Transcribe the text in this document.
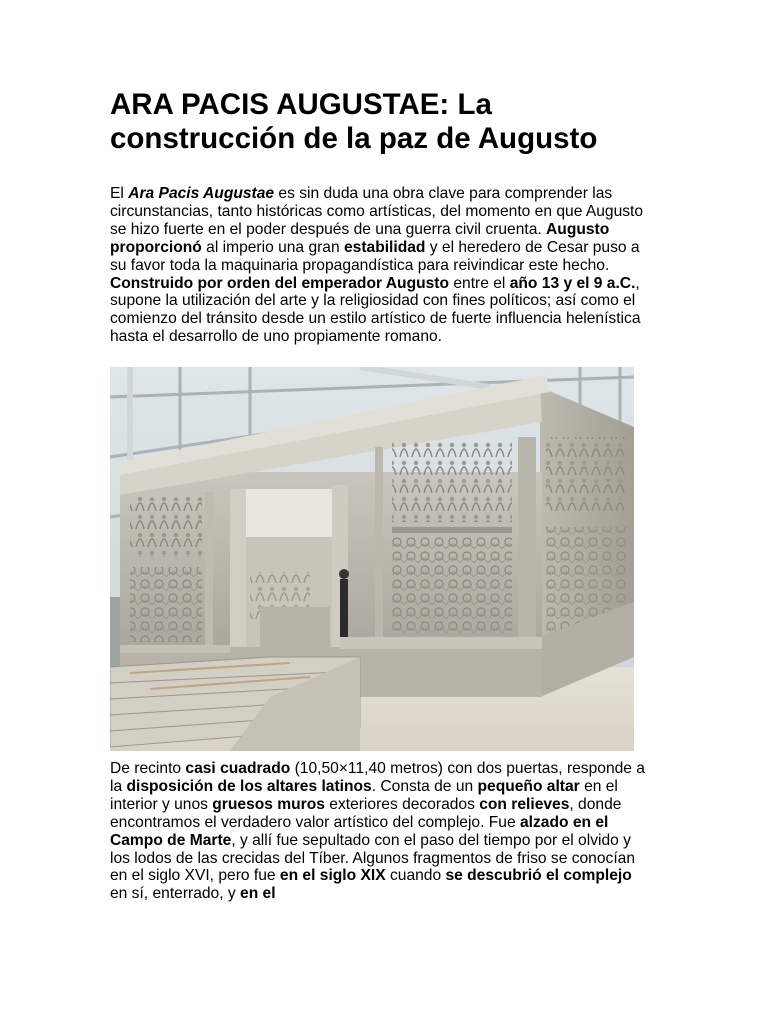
ARA PACIS AUGUSTAE: La construcción de la paz de Augusto

El Ara Pacis Augustae es sin duda una obra clave para comprender las circunstancias, tanto históricas como artísticas, del momento en que Augusto se hizo fuerte en el poder después de una guerra civil cruenta. Augusto proporcionó al imperio una gran estabilidad y el heredero de Cesar puso a su favor toda la maquinaria propagandística para reivindicar este hecho. Construido por orden del emperador Augusto entre el año 13 y el 9 a.C., supone la utilización del arte y la religiosidad con fines políticos; así como el comienzo del tránsito desde un estilo artístico de fuerte influencia helenística hasta el desarrollo de uno propiamente romano.

De recinto casi cuadrado (10,50×11,40 metros) con dos puertas, responde a la disposición de los altares latinos. Consta de un pequeño altar en el interior y unos gruesos muros exteriores decorados con relieves, donde encontramos el verdadero valor artístico del complejo. Fue alzado en el Campo de Marte, y allí fue sepultado con el paso del tiempo por el olvido y los lodos de las crecidas del Tíber. Algunos fragmentos de friso se conocían en el siglo XVI, pero fue en el siglo XIX cuando se descubrió el complejo en sí, enterrado, y en el
